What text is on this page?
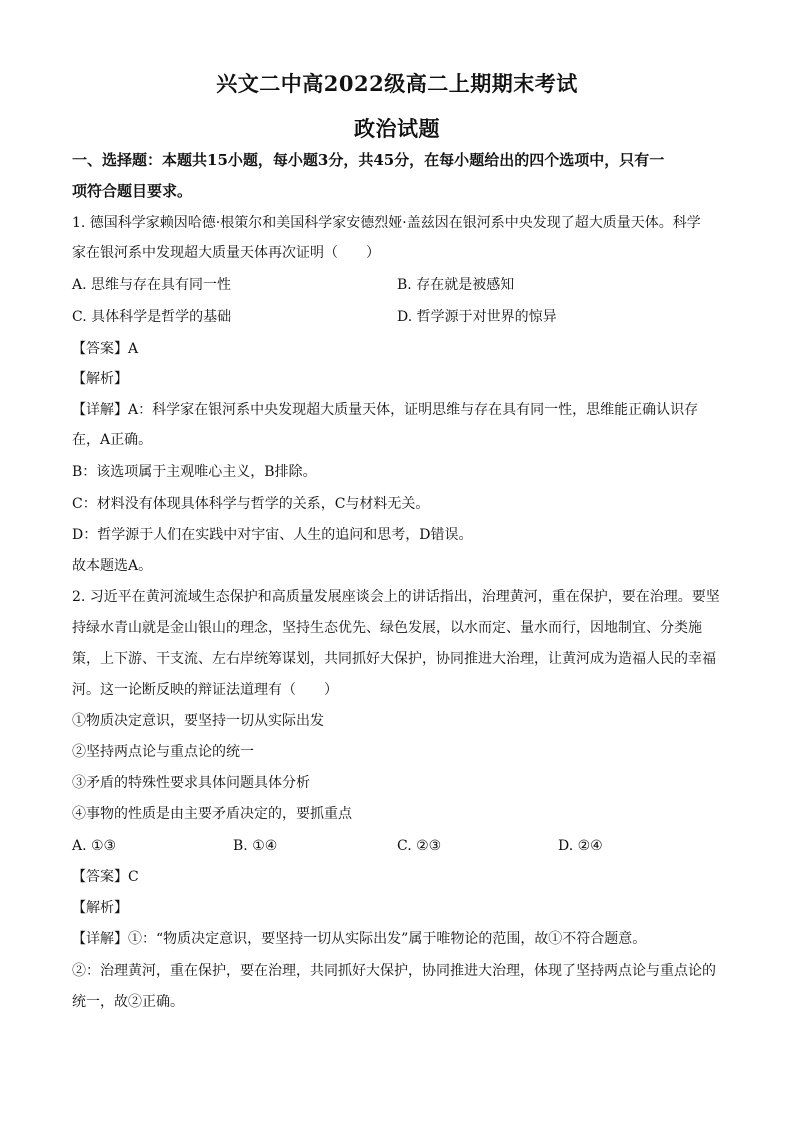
兴文二中高2022级高二上期期末考试
政治试题
一、选择题：本题共15小题，每小题3分，共45分，在每小题给出的四个选项中，只有一
项符合题目要求。
1. 德国科学家赖因哈德·根策尔和美国科学家安德烈娅·盖兹因在银河系中央发现了超大质量天体。科学
家在银河系中发现超大质量天体再次证明（　　）
A. 思维与存在具有同一性	B. 存在就是被感知
C. 具体科学是哲学的基础	D. 哲学源于对世界的惊异
【答案】A
【解析】
【详解】A：科学家在银河系中央发现超大质量天体，证明思维与存在具有同一性，思维能正确认识存
在，A正确。
B：该选项属于主观唯心主义，B排除。
C：材料没有体现具体科学与哲学的关系，C与材料无关。
D：哲学源于人们在实践中对宇宙、人生的追问和思考，D错误。
故本题选A。
2. 习近平在黄河流域生态保护和高质量发展座谈会上的讲话指出，治理黄河，重在保护，要在治理。要坚
持绿水青山就是金山银山的理念，坚持生态优先、绿色发展，以水而定、量水而行，因地制宜、分类施
策，上下游、干支流、左右岸统筹谋划，共同抓好大保护，协同推进大治理，让黄河成为造福人民的幸福
河。这一论断反映的辩证法道理有（　　）
①物质决定意识，要坚持一切从实际出发
②坚持两点论与重点论的统一
③矛盾的特殊性要求具体问题具体分析
④事物的性质是由主要矛盾决定的，要抓重点
A. ①③	B. ①④	C. ②③	D. ②④
【答案】C
【解析】
【详解】①：“物质决定意识，要坚持一切从实际出发”属于唯物论的范围，故①不符合题意。
②：治理黄河，重在保护，要在治理，共同抓好大保护，协同推进大治理，体现了坚持两点论与重点论的
统一，故②正确。
